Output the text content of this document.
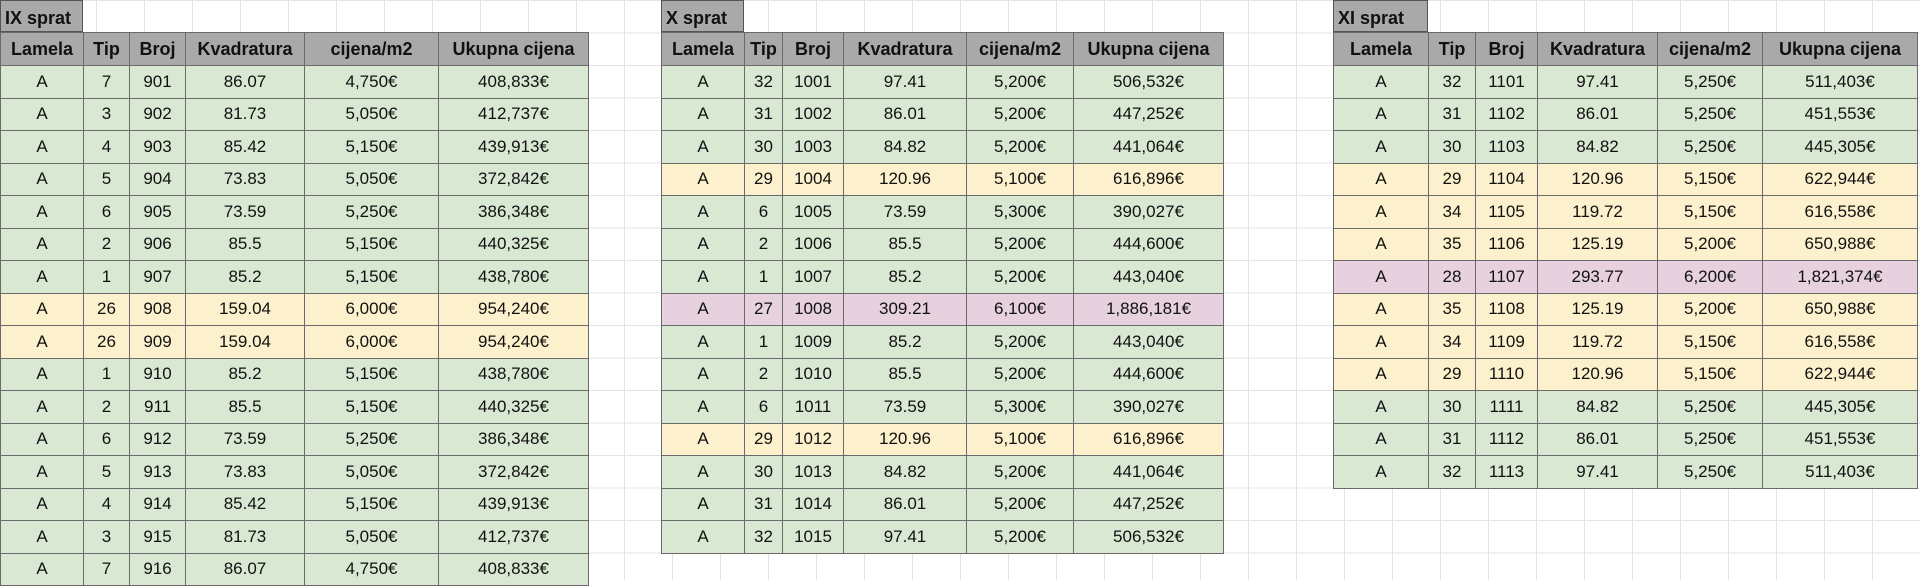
IX sprat
Lamela	Tip	Broj	Kvadratura	cijena/m2	Ukupna cijena
A	7	901	86.07	4,750€	408,833€
A	3	902	81.73	5,050€	412,737€
A	4	903	85.42	5,150€	439,913€
A	5	904	73.83	5,050€	372,842€
A	6	905	73.59	5,250€	386,348€
A	2	906	85.5	5,150€	440,325€
A	1	907	85.2	5,150€	438,780€
A	26	908	159.04	6,000€	954,240€
A	26	909	159.04	6,000€	954,240€
A	1	910	85.2	5,150€	438,780€
A	2	911	85.5	5,150€	440,325€
A	6	912	73.59	5,250€	386,348€
A	5	913	73.83	5,050€	372,842€
A	4	914	85.42	5,150€	439,913€
A	3	915	81.73	5,050€	412,737€
A	7	916	86.07	4,750€	408,833€
X sprat
Lamela	Tip	Broj	Kvadratura	cijena/m2	Ukupna cijena
A	32	1001	97.41	5,200€	506,532€
A	31	1002	86.01	5,200€	447,252€
A	30	1003	84.82	5,200€	441,064€
A	29	1004	120.96	5,100€	616,896€
A	6	1005	73.59	5,300€	390,027€
A	2	1006	85.5	5,200€	444,600€
A	1	1007	85.2	5,200€	443,040€
A	27	1008	309.21	6,100€	1,886,181€
A	1	1009	85.2	5,200€	443,040€
A	2	1010	85.5	5,200€	444,600€
A	6	1011	73.59	5,300€	390,027€
A	29	1012	120.96	5,100€	616,896€
A	30	1013	84.82	5,200€	441,064€
A	31	1014	86.01	5,200€	447,252€
A	32	1015	97.41	5,200€	506,532€
XI sprat
Lamela	Tip	Broj	Kvadratura	cijena/m2	Ukupna cijena
A	32	1101	97.41	5,250€	511,403€
A	31	1102	86.01	5,250€	451,553€
A	30	1103	84.82	5,250€	445,305€
A	29	1104	120.96	5,150€	622,944€
A	34	1105	119.72	5,150€	616,558€
A	35	1106	125.19	5,200€	650,988€
A	28	1107	293.77	6,200€	1,821,374€
A	35	1108	125.19	5,200€	650,988€
A	34	1109	119.72	5,150€	616,558€
A	29	1110	120.96	5,150€	622,944€
A	30	1111	84.82	5,250€	445,305€
A	31	1112	86.01	5,250€	451,553€
A	32	1113	97.41	5,250€	511,403€
